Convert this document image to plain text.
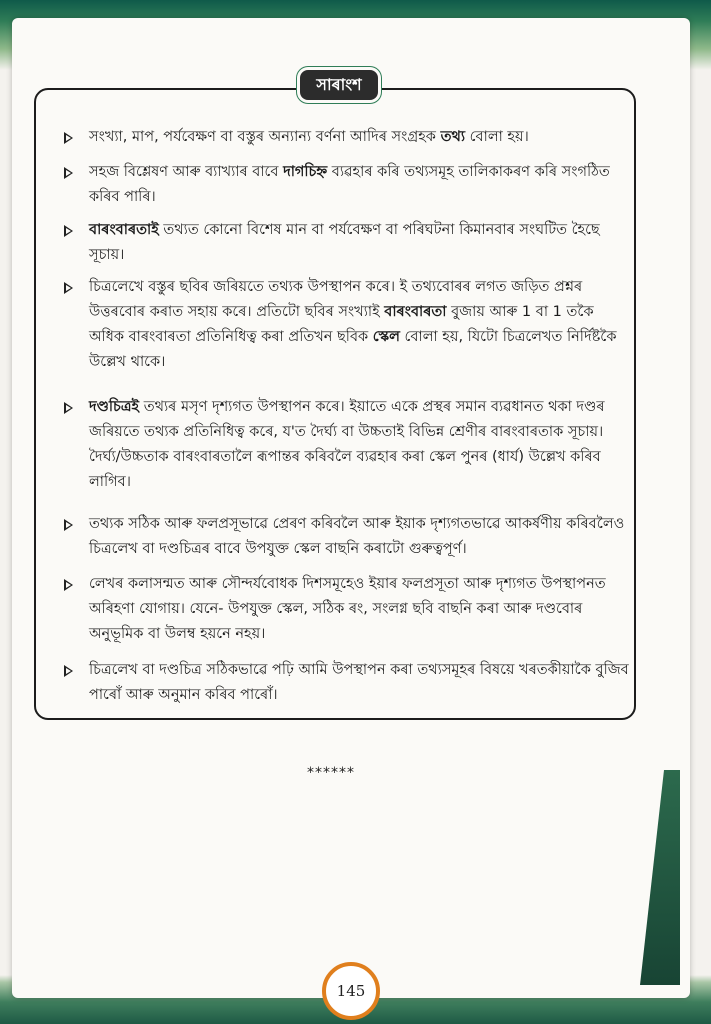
সংখ্যা, মাপ, পৰ্যবেক্ষণ বা বস্তুৰ অন্যান্য বৰ্ণনা আদিৰ সংগ্ৰহক তথ্য বোলা হয়।
সহজ বিশ্লেষণ আৰু ব্যাখ্যাৰ বাবে দাগচিহ্ন ব্যৱহাৰ কৰি তথ্যসমূহ তালিকাকৰণ কৰি সংগঠিত কৰিব পাৰি।
বাৰংবাৰতাই তথ্যত কোনো বিশেষ মান বা পৰ্যবেক্ষণ বা পৰিঘটনা কিমানবাৰ সংঘটিত হৈছে সূচায়।
চিত্ৰলেখে বস্তুৰ ছবিৰ জৰিয়তে তথ্যক উপস্থাপন কৰে। ই তথ্যবোৰৰ লগত জড়িত প্ৰশ্নৰ উত্তৰবোৰ কৰাত সহায় কৰে। প্ৰতিটো ছবিৰ সংখ্যাই বাৰংবাৰতা বুজায় আৰু 1 বা 1 তকৈ অধিক বাৰংবাৰতা প্ৰতিনিধিত্ব কৰা প্ৰতিখন ছবিক স্কেল বোলা হয়, যিটো চিত্ৰলেখত নিৰ্দিষ্টকৈ উল্লেখ থাকে।
দণ্ডচিত্ৰই তথ্যৰ মসৃণ দৃশ্যগত উপস্থাপন কৰে। ইয়াতে একে প্ৰস্থৰ সমান ব্যৱধানত থকা দণ্ডৰ জৰিয়তে তথ্যক প্ৰতিনিধিত্ব কৰে, য'ত দৈৰ্ঘ্য বা উচ্চতাই বিভিন্ন শ্ৰেণীৰ বাৰংবাৰতাক সূচায়। দৈৰ্ঘ্য/উচ্চতাক বাৰংবাৰতালৈ ৰূপান্তৰ কৰিবলৈ ব্যৱহাৰ কৰা স্কেল পুনৰ (ধাৰ্য) উল্লেখ কৰিব লাগিব।
তথ্যক সঠিক আৰু ফলপ্ৰসূভাৱে প্ৰেৰণ কৰিবলৈ আৰু ইয়াক দৃশ্যগতভাৱে আকৰ্ষণীয় কৰিবলৈও চিত্ৰলেখ বা দণ্ডচিত্ৰৰ বাবে উপযুক্ত স্কেল বাছনি কৰাটো গুৰুত্বপূৰ্ণ।
লেখৰ কলাসন্মত আৰু সৌন্দৰ্যবোধক দিশসমূহেও ইয়াৰ ফলপ্ৰসূতা আৰু দৃশ্যগত উপস্থাপনত অৰিহণা যোগায়। যেনে- উপযুক্ত স্কেল, সঠিক ৰং, সংলগ্ন ছবি বাছনি কৰা আৰু দণ্ডবোৰ অনুভূমিক বা উলম্ব হয়নে নহয়।
চিত্ৰলেখ বা দণ্ডচিত্ৰ সঠিকভাৱে পঢ়ি আমি উপস্থাপন কৰা তথ্যসমূহৰ বিষয়ে খৰতকীয়াকৈ বুজিব পাৰোঁ আৰু অনুমান কৰিব পাৰোঁ।
সাৰাংশ
******
145
